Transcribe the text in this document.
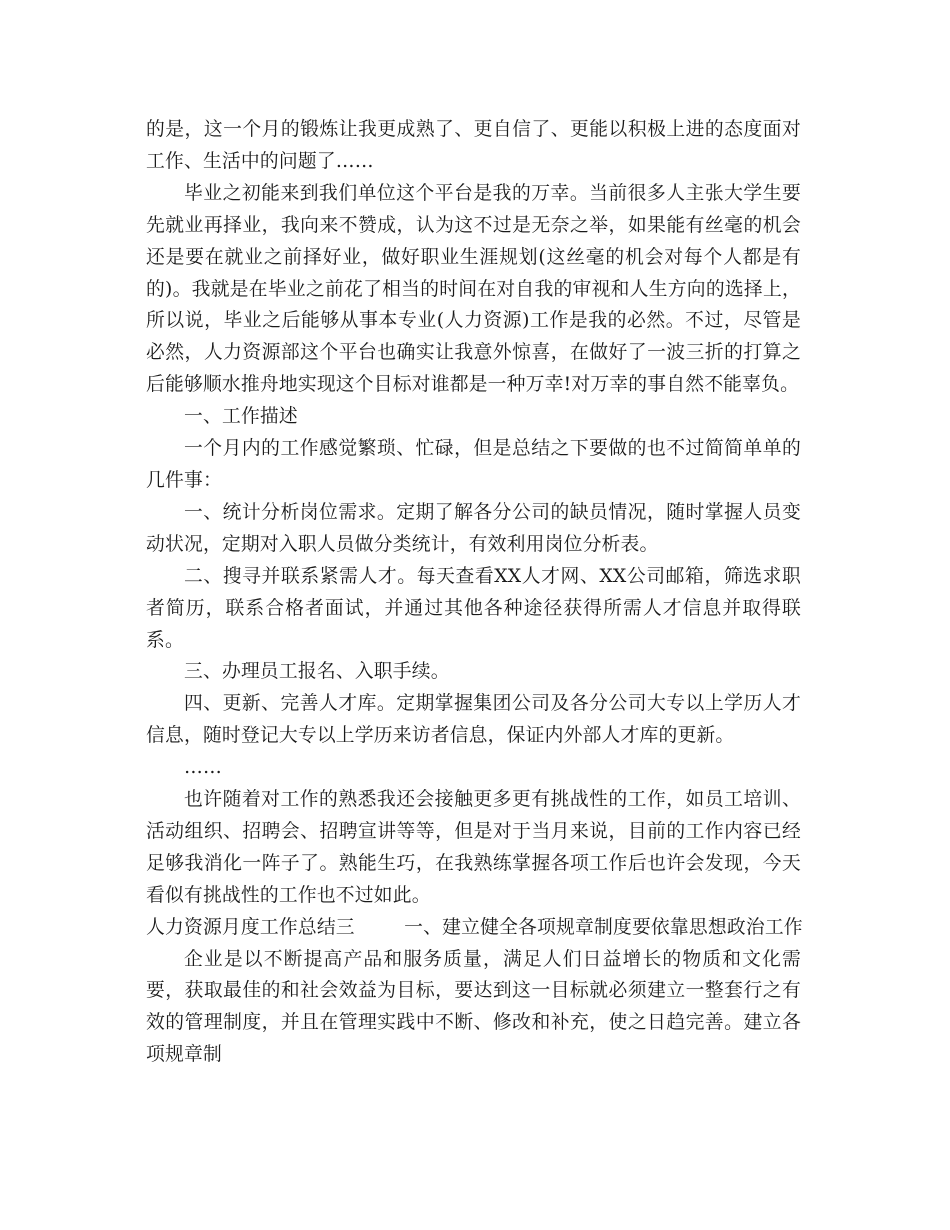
的是，这一个月的锻炼让我更成熟了、更自信了、更能以积极上进的态度面对工作、生活中的问题了……

毕业之初能来到我们单位这个平台是我的万幸。当前很多人主张大学生要先就业再择业，我向来不赞成，认为这不过是无奈之举，如果能有丝毫的机会还是要在就业之前择好业，做好职业生涯规划(这丝毫的机会对每个人都是有的)。我就是在毕业之前花了相当的时间在对自我的审视和人生方向的选择上，所以说，毕业之后能够从事本专业(人力资源)工作是我的必然。不过，尽管是必然，人力资源部这个平台也确实让我意外惊喜，在做好了一波三折的打算之后能够顺水推舟地实现这个目标对谁都是一种万幸!对万幸的事自然不能辜负。

一、工作描述

一个月内的工作感觉繁琐、忙碌，但是总结之下要做的也不过简简单单的几件事：

一、统计分析岗位需求。定期了解各分公司的缺员情况，随时掌握人员变动状况，定期对入职人员做分类统计，有效利用岗位分析表。

二、搜寻并联系紧需人才。每天查看XX人才网、XX公司邮箱，筛选求职者简历，联系合格者面试，并通过其他各种途径获得所需人才信息并取得联系。

三、办理员工报名、入职手续。

四、更新、完善人才库。定期掌握集团公司及各分公司大专以上学历人才信息，随时登记大专以上学历来访者信息，保证内外部人才库的更新。

……

也许随着对工作的熟悉我还会接触更多更有挑战性的工作，如员工培训、活动组织、招聘会、招聘宣讲等等，但是对于当月来说，目前的工作内容已经足够我消化一阵子了。熟能生巧，在我熟练掌握各项工作后也许会发现，今天看似有挑战性的工作也不过如此。

人力资源月度工作总结三	一、建立健全各项规章制度要依靠思想政治工作

企业是以不断提高产品和服务质量，满足人们日益增长的物质和文化需要，获取最佳的和社会效益为目标，要达到这一目标就必须建立一整套行之有效的管理制度，并且在管理实践中不断、修改和补充，使之日趋完善。建立各项规章制
